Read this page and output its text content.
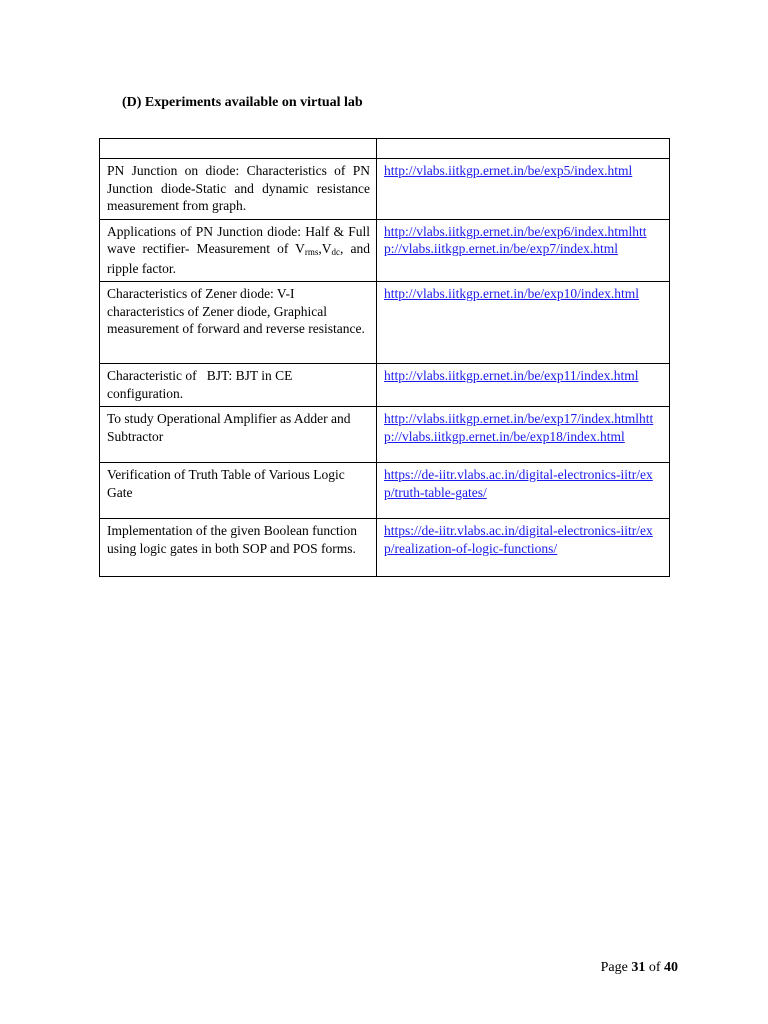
(D) Experiments available on virtual lab

PN Junction on diode: Characteristics of PN Junction diode-Static and dynamic resistance measurement from graph.	http://vlabs.iitkgp.ernet.in/be/exp5/index.html
Applications of PN Junction diode: Half & Full wave rectifier- Measurement of Vrms,Vdc, and ripple factor.	http://vlabs.iitkgp.ernet.in/be/exp6/index.htmlhttp://vlabs.iitkgp.ernet.in/be/exp7/index.html
Characteristics of Zener diode: V-I characteristics of Zener diode, Graphical measurement of forward and reverse resistance.	http://vlabs.iitkgp.ernet.in/be/exp10/index.html
Characteristic of   BJT: BJT in CE configuration.	http://vlabs.iitkgp.ernet.in/be/exp11/index.html
To study Operational Amplifier as Adder and Subtractor	http://vlabs.iitkgp.ernet.in/be/exp17/index.htmlhttp://vlabs.iitkgp.ernet.in/be/exp18/index.html
Verification of Truth Table of Various Logic Gate	https://de-iitr.vlabs.ac.in/digital-electronics-iitr/exp/truth-table-gates/
Implementation of the given Boolean function using logic gates in both SOP and POS forms.	https://de-iitr.vlabs.ac.in/digital-electronics-iitr/exp/realization-of-logic-functions/
Page 31 of 40
